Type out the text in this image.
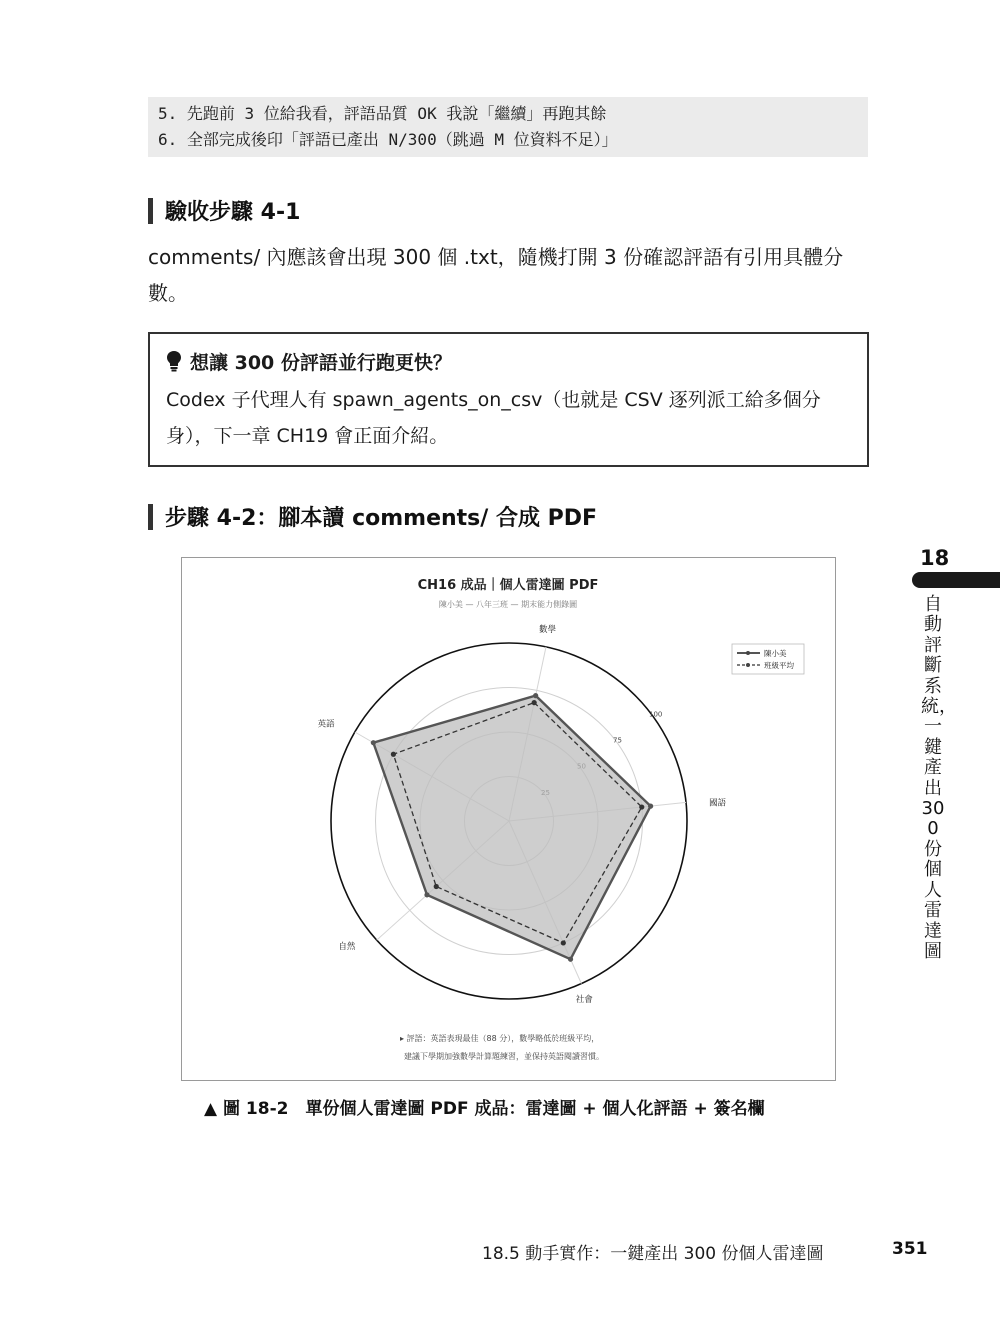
5. 先跑前 3 位給我看，評語品質 OK 我說「繼續」再跑其餘
6. 全部完成後印「評語已產出 N/300（跳過 M 位資料不足）」
驗收步驟 4-1
comments/ 內應該會出現 300 個 .txt，隨機打開 3 份確認評語有引用具體分數。
想讓 300 份評語並行跑更快？
Codex 子代理人有 spawn_agents_on_csv（也就是 CSV 逐列派工給多個分身），下一章 CH19 會正面介紹。
步驟 4-2：腳本讀 comments/ 合成 PDF
CH16 成品｜個人雷達圖 PDF
陳小美 — 八年三班 — 期末能力側錄圖
75
100
數學
國語
社會
自然
英語
陳小美
班級平均
▸ 評語：英語表現最佳（88 分），數學略低於班級平均，
建議下學期加強數學計算題練習，並保持英語閱讀習慣。
▲ 圖 18-2　單份個人雷達圖 PDF 成品：雷達圖 + 個人化評語 + 簽名欄
18
自動評斷系統，一鍵產出300份個人雷達圖
18.5 動手實作：一鍵產出 300 份個人雷達圖	351
